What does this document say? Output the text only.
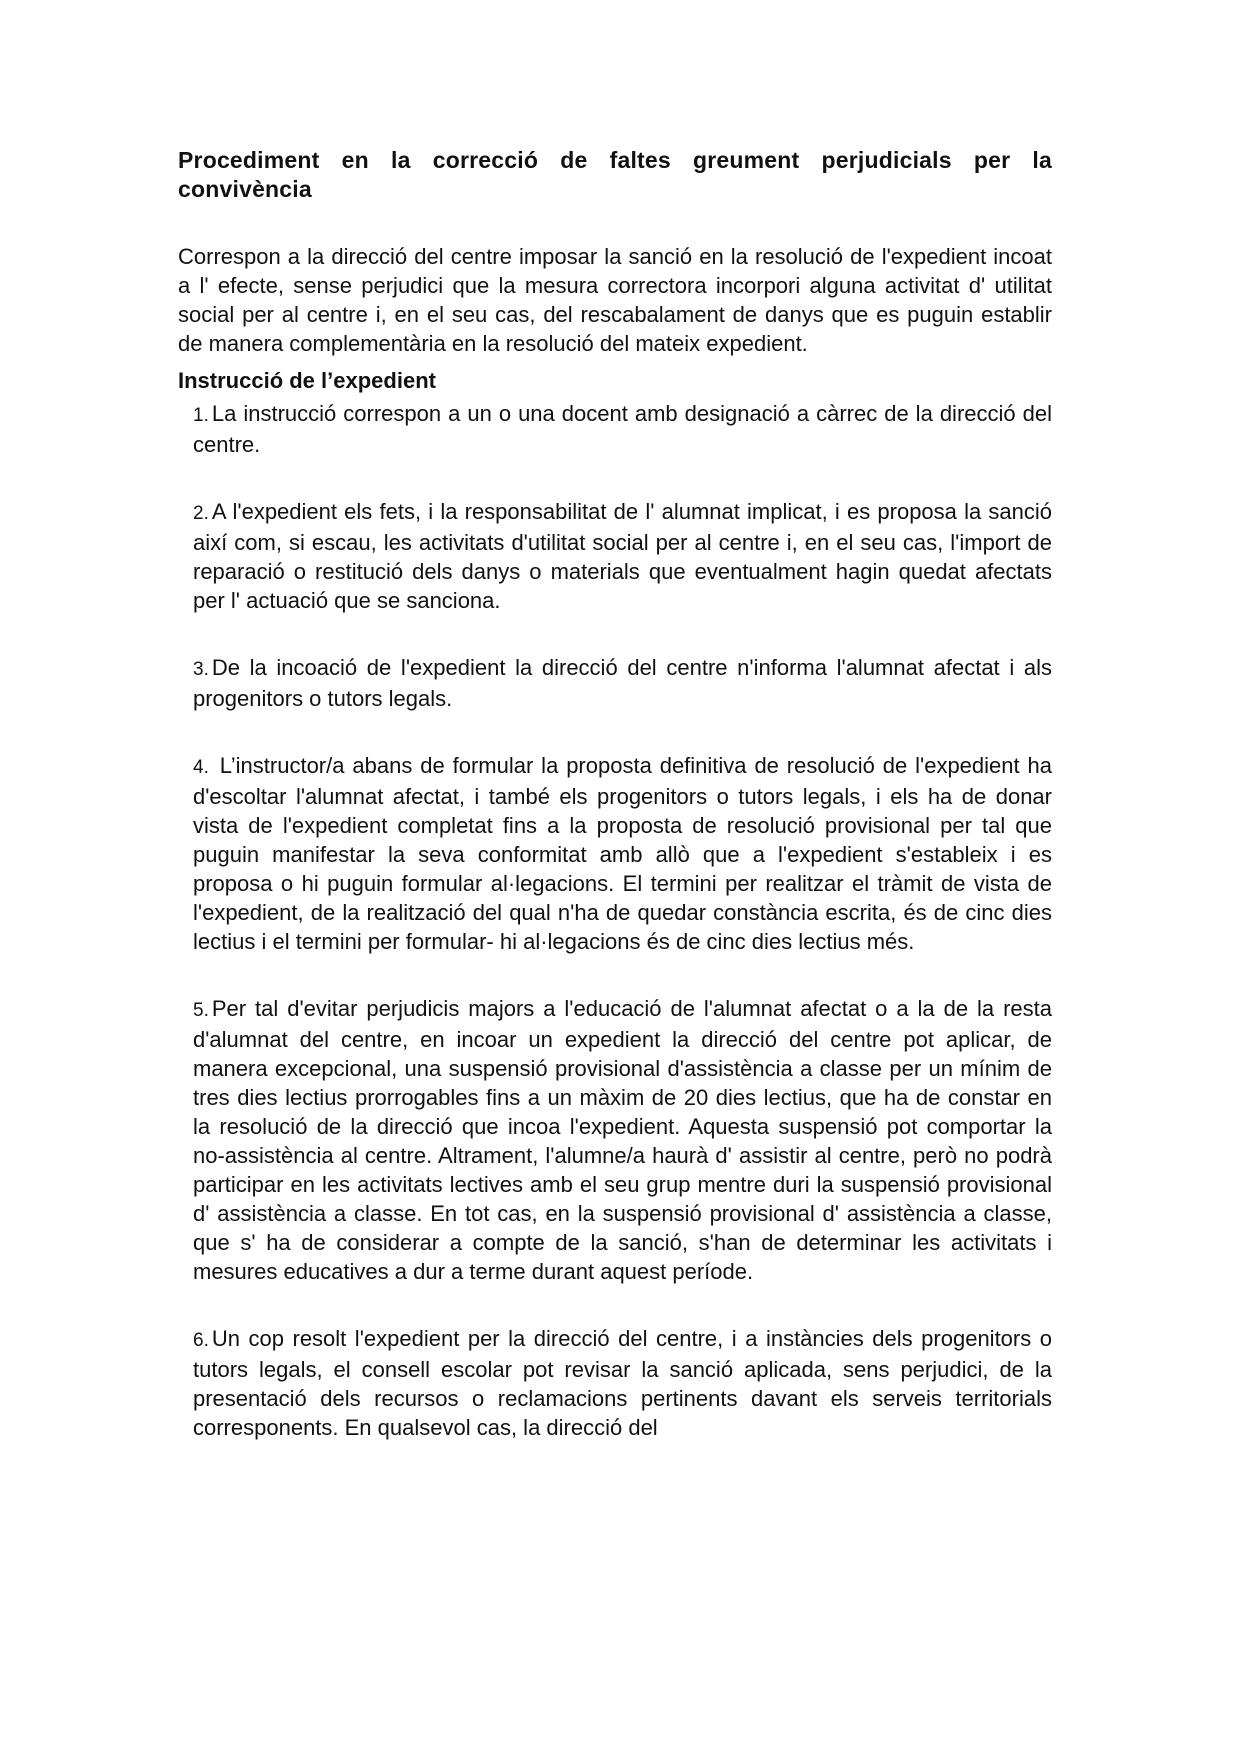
Procediment en la correcció de faltes greument perjudicials per la convivència

Correspon a la direcció del centre imposar la sanció en la resolució de l'expedient incoat a l' efecte, sense perjudici que la mesura correctora incorpori alguna activitat d' utilitat social per al centre i, en el seu cas, del rescabalament de danys que es puguin establir de manera complementària en la resolució del mateix expedient.

Instrucció de l’expedient
1. La instrucció correspon a un o una docent amb designació a càrrec de la direcció del centre.
2. A l'expedient els fets, i la responsabilitat de l' alumnat implicat, i es proposa la sanció així com, si escau, les activitats d'utilitat social per al centre i, en el seu cas, l'import de reparació o restitució dels danys o materials que eventualment hagin quedat afectats per l' actuació que se sanciona.
3. De la incoació de l'expedient la direcció del centre n'informa l'alumnat afectat i als progenitors o tutors legals.
4. L’instructor/a abans de formular la proposta definitiva de resolució de l'expedient ha d'escoltar l'alumnat afectat, i també els progenitors o tutors legals, i els ha de donar vista de l'expedient completat fins a la proposta de resolució provisional per tal que puguin manifestar la seva conformitat amb allò que a l'expedient s'estableix i es proposa o hi puguin formular al·legacions. El termini per realitzar el tràmit de vista de l'expedient, de la realització del qual n'ha de quedar constància escrita, és de cinc dies lectius i el termini per formular- hi al·legacions és de cinc dies lectius més.
5. Per tal d'evitar perjudicis majors a l'educació de l'alumnat afectat o a la de la resta d'alumnat del centre, en incoar un expedient la direcció del centre pot aplicar, de manera excepcional, una suspensió provisional d'assistència a classe per un mínim de tres dies lectius prorrogables fins a un màxim de 20 dies lectius, que ha de constar en la resolució de la direcció que incoa l'expedient. Aquesta suspensió pot comportar la no-assistència al centre. Altrament, l'alumne/a haurà d' assistir al centre, però no podrà participar en les activitats lectives amb el seu grup mentre duri la suspensió provisional d' assistència a classe. En tot cas, en la suspensió provisional d' assistència a classe, que s' ha de considerar a compte de la sanció, s'han de determinar les activitats i mesures educatives a dur a terme durant aquest període.
6. Un cop resolt l'expedient per la direcció del centre, i a instàncies dels progenitors o tutors legals, el consell escolar pot revisar la sanció aplicada, sens perjudici, de la presentació dels recursos o reclamacions pertinents davant els serveis territorials corresponents. En qualsevol cas, la direcció del
